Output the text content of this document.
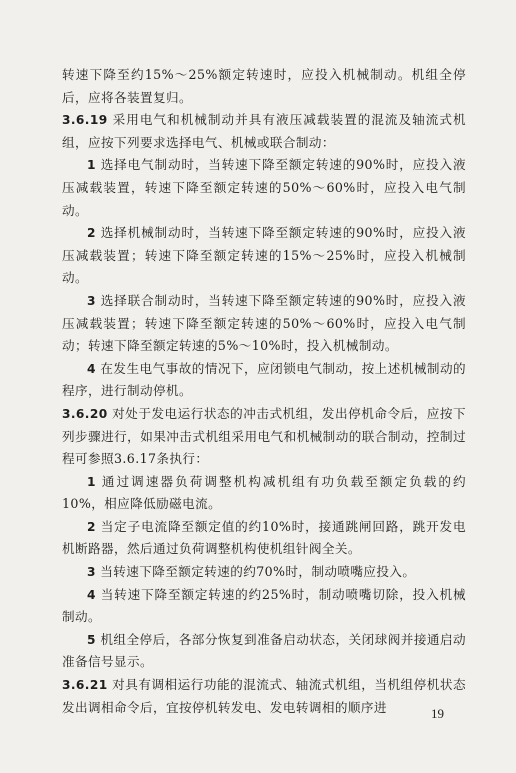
转速下降至约15%～25%额定转速时，应投入机械制动。机组全停后，应将各装置复归。

3.6.19 采用电气和机械制动并具有液压减载装置的混流及轴流式机组，应按下列要求选择电气、机械或联合制动：

1 选择电气制动时，当转速下降至额定转速的90%时，应投入液压减载装置，转速下降至额定转速的50%～60%时，应投入电气制动。

2 选择机械制动时，当转速下降至额定转速的90%时，应投入液压减载装置；转速下降至额定转速的15%～25%时，应投入机械制动。

3 选择联合制动时，当转速下降至额定转速的90%时，应投入液压减载装置；转速下降至额定转速的50%～60%时，应投入电气制动；转速下降至额定转速的5%～10%时，投入机械制动。

4 在发生电气事故的情况下，应闭锁电气制动，按上述机械制动的程序，进行制动停机。

3.6.20 对处于发电运行状态的冲击式机组，发出停机命令后，应按下列步骤进行，如果冲击式机组采用电气和机械制动的联合制动，控制过程可参照3.6.17条执行：

1 通过调速器负荷调整机构减机组有功负载至额定负载的约10%，相应降低励磁电流。

2 当定子电流降至额定值的约10%时，接通跳闸回路，跳开发电机断路器，然后通过负荷调整机构使机组针阀全关。

3 当转速下降至额定转速的约70%时，制动喷嘴应投入。

4 当转速下降至额定转速的约25%时，制动喷嘴切除，投入机械制动。

5 机组全停后，各部分恢复到准备启动状态，关闭球阀并接通启动准备信号显示。

3.6.21 对具有调相运行功能的混流式、轴流式机组，当机组停机状态发出调相命令后，宜按停机转发电、发电转调相的顺序进	19
